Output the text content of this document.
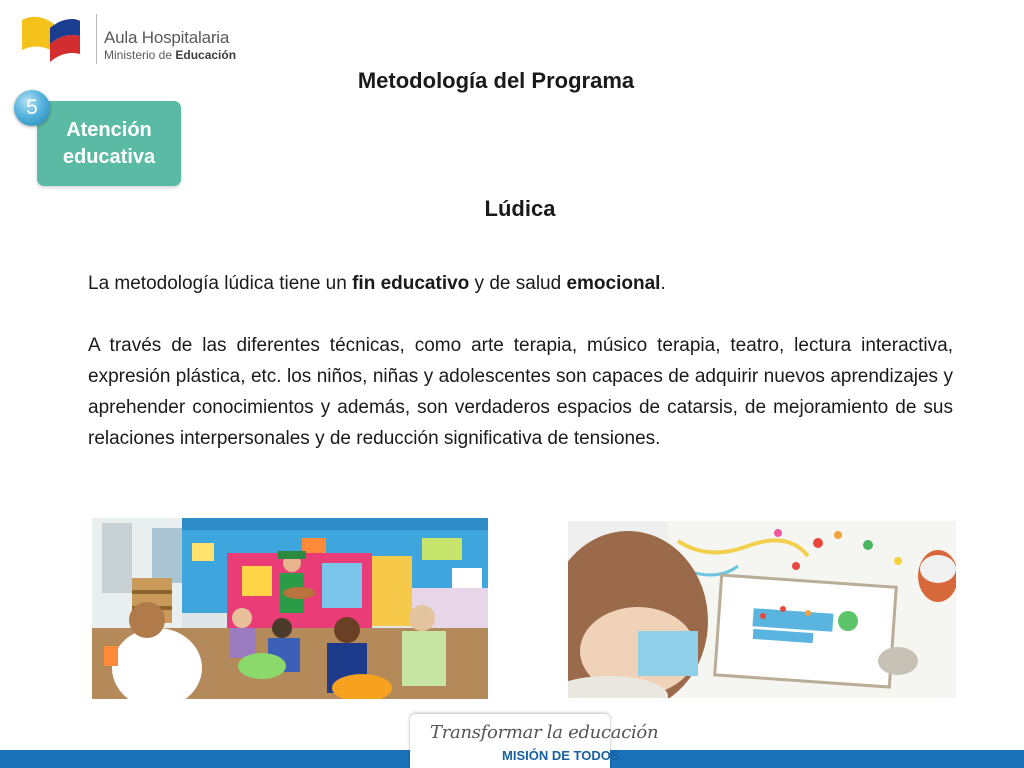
Aula Hospitalaria
Ministerio de Educación
Metodología del Programa
Atención
educativa
5
Lúdica
La metodología lúdica tiene un fin educativo y de salud emocional.
A través de las diferentes técnicas, como arte terapia, músico terapia, teatro, lectura interactiva, expresión plástica, etc. los niños, niñas y adolescentes son capaces de adquirir nuevos aprendizajes y aprehender conocimientos y además, son verdaderos espacios de catarsis, de mejoramiento de sus relaciones interpersonales y de reducción significativa de tensiones.
Transformar la educación
MISIÓN DE TODOS
